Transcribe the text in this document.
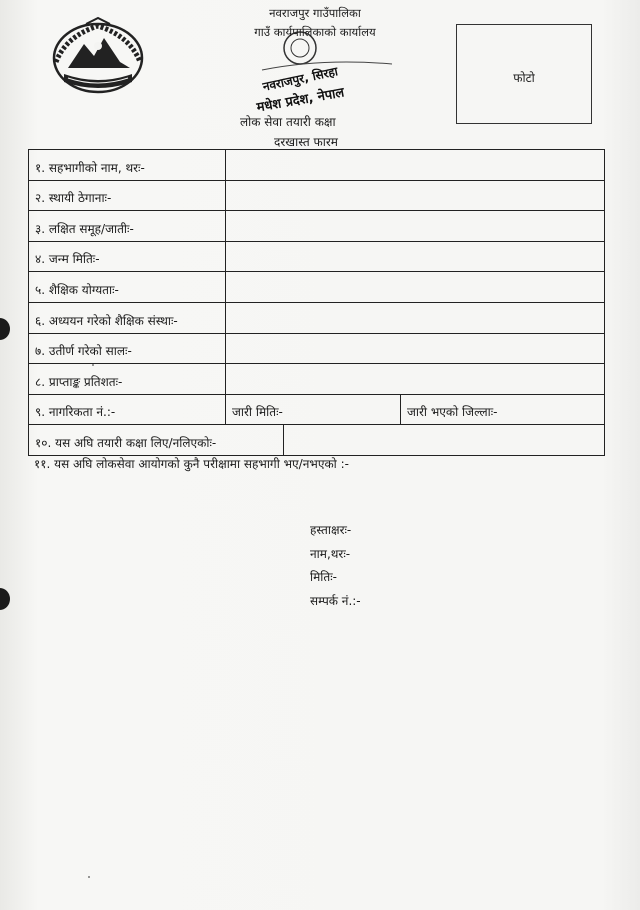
नवराजपुर गाउँपालिका
गाउँ कार्यपालिकाको कार्यालय
नवराजपुर, सिरहा
मधेश प्रदेश, नेपाल
लोक सेवा तयारी कक्षा
दरखास्त फारम
फोटो
१. सहभागीको नाम, थरः-
२. स्थायी ठेगानाः-
३. लक्षित समूह/जातीः-
४. जन्म मितिः-
५. शैक्षिक योग्यताः-
६. अध्ययन गरेको शैक्षिक संस्थाः-
७. उतीर्ण गरेको सालः-
८. प्राप्ताङ्क प्रतिशतः-
९. नागरिकता नं.:-	जारी मितिः-	जारी भएको जिल्लाः-
१०. यस अघि तयारी कक्षा लिए/नलिएकोः-
११. यस अघि लोकसेवा आयोगको कुनै परीक्षामा सहभागी भए/नभएको :-
हस्ताक्षरः-
नाम,थरः-
मितिः-
सम्पर्क नं.:-
